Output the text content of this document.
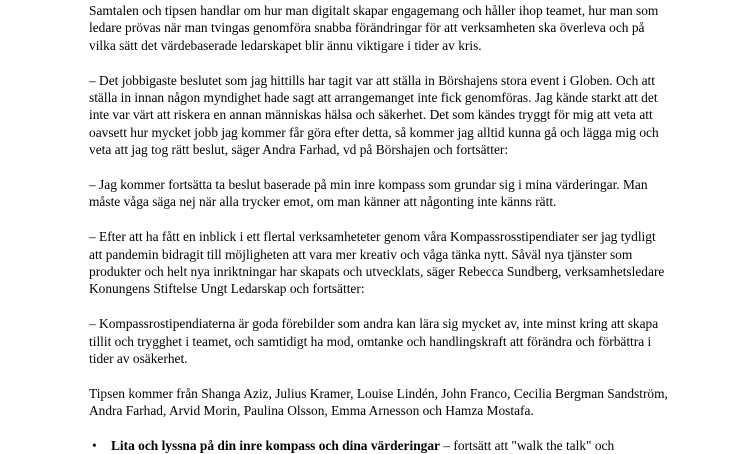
Samtalen och tipsen handlar om hur man digitalt skapar engagemang och håller ihop teamet, hur man som ledare prövas när man tvingas genomföra snabba förändringar för att verksamheten ska överleva och på vilka sätt det värdebaserade ledarskapet blir ännu viktigare i tider av kris.

– Det jobbigaste beslutet som jag hittills har tagit var att ställa in Börshajens stora event i Globen. Och att ställa in innan någon myndighet hade sagt att arrangemanget inte fick genomföras. Jag kände starkt att det inte var värt att riskera en annan människas hälsa och säkerhet. Det som kändes tryggt för mig att veta att oavsett hur mycket jobb jag kommer får göra efter detta, så kommer jag alltid kunna gå och lägga mig och veta att jag tog rätt beslut, säger Andra Farhad, vd på Börshajen och fortsätter:

– Jag kommer fortsätta ta beslut baserade på min inre kompass som grundar sig i mina värderingar. Man måste våga säga nej när alla trycker emot, om man känner att någonting inte känns rätt.

– Efter att ha fått en inblick i ett flertal verksamheteter genom våra Kompassrosstipendiater ser jag tydligt att pandemin bidragit till möjligheten att vara mer kreativ och våga tänka nytt. Såväl nya tjänster som produkter och helt nya inriktningar har skapats och utvecklats, säger Rebecca Sundberg, verksamhetsledare Konungens Stiftelse Ungt Ledarskap och fortsätter:

– Kompassrostipendiaterna är goda förebilder som andra kan lära sig mycket av, inte minst kring att skapa tillit och trygghet i teamet, och samtidigt ha mod, omtanke och handlingskraft att förändra och förbättra i tider av osäkerhet.

Tipsen kommer från Shanga Aziz, Julius Kramer, Louise Lindén, John Franco, Cecilia Bergman Sandström, Andra Farhad, Arvid Morin, Paulina Olsson, Emma Arnesson och Hamza Mostafa.

• Lita och lyssna på din inre kompass och dina värderingar – fortsätt att "walk the talk" och
